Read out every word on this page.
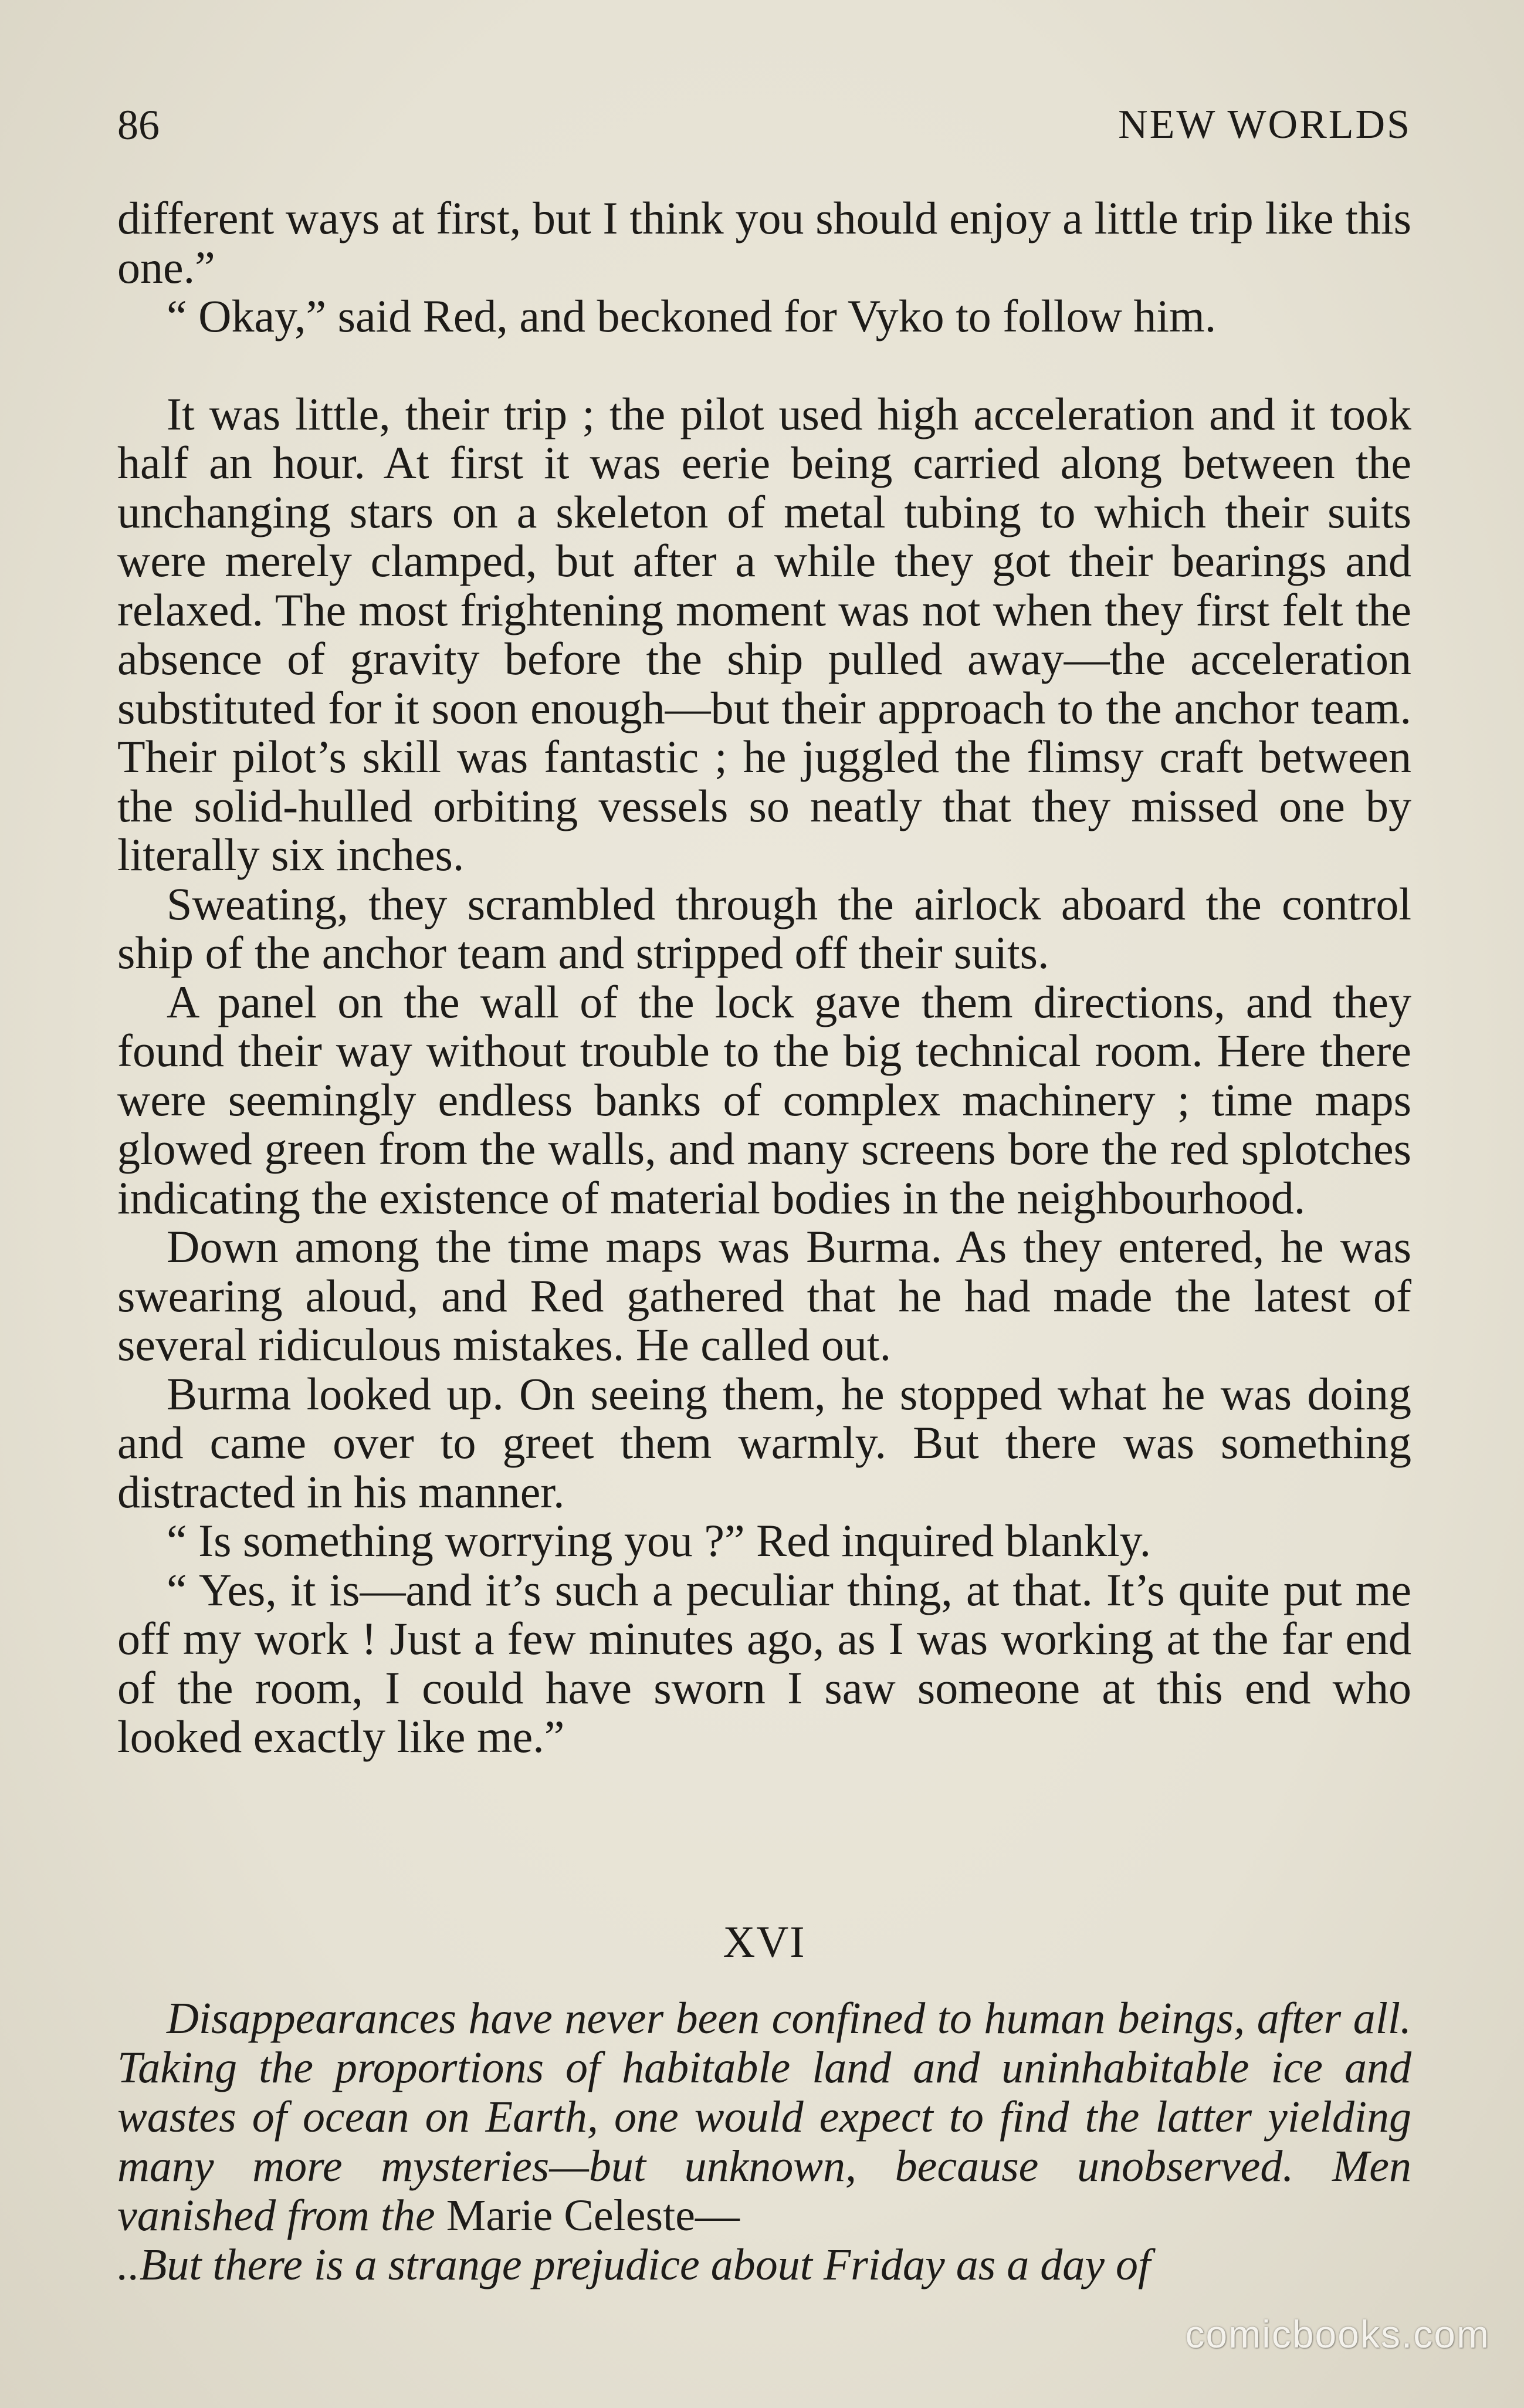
86	NEW WORLDS

different ways at first, but I think you should enjoy a little trip like this one.”

“ Okay,” said Red, and beckoned for Vyko to follow him.

It was little, their trip ; the pilot used high acceleration and it took half an hour. At first it was eerie being carried along between the unchanging stars on a skeleton of metal tubing to which their suits were merely clamped, but after a while they got their bearings and relaxed. The most frightening moment was not when they first felt the absence of gravity before the ship pulled away—the acceleration substituted for it soon enough—but their approach to the anchor team. Their pilot’s skill was fantastic ; he juggled the flimsy craft between the solid-hulled orbiting vessels so neatly that they missed one by literally six inches.

Sweating, they scrambled through the airlock aboard the control ship of the anchor team and stripped off their suits.

A panel on the wall of the lock gave them directions, and they found their way without trouble to the big technical room. Here there were seemingly endless banks of complex machinery ; time maps glowed green from the walls, and many screens bore the red splotches indicating the existence of material bodies in the neighbourhood.

Down among the time maps was Burma. As they entered, he was swearing aloud, and Red gathered that he had made the latest of several ridiculous mistakes. He called out.

Burma looked up. On seeing them, he stopped what he was doing and came over to greet them warmly. But there was something distracted in his manner.

“ Is something worrying you ?” Red inquired blankly.

“ Yes, it is—and it’s such a peculiar thing, at that. It’s quite put me off my work ! Just a few minutes ago, as I was working at the far end of the room, I could have sworn I saw someone at this end who looked exactly like me.”

XVI

Disappearances have never been confined to human beings, after all. Taking the proportions of habitable land and uninhabitable ice and wastes of ocean on Earth, one would expect to find the latter yielding many more mysteries—but unknown, because unobserved. Men vanished from the Marie Celeste—
..But there is a strange prejudice about Friday as a day of

comicbooks.com
